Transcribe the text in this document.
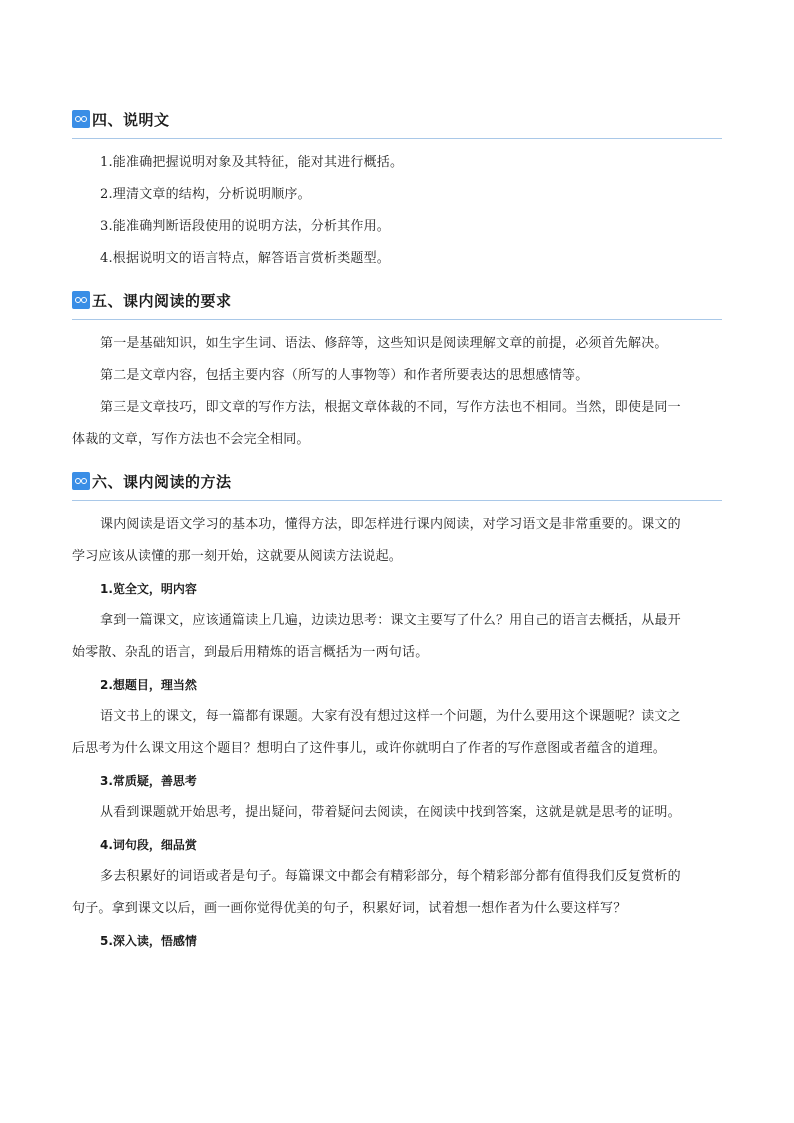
四、说明文
1.能准确把握说明对象及其特征，能对其进行概括。
2.理清文章的结构，分析说明顺序。
3.能准确判断语段使用的说明方法，分析其作用。
4.根据说明文的语言特点，解答语言赏析类题型。
五、课内阅读的要求
第一是基础知识，如生字生词、语法、修辞等，这些知识是阅读理解文章的前提，必须首先解决。
第二是文章内容，包括主要内容（所写的人事物等）和作者所要表达的思想感情等。
第三是文章技巧，即文章的写作方法，根据文章体裁的不同，写作方法也不相同。当然，即使是同一
体裁的文章，写作方法也不会完全相同。
六、课内阅读的方法
课内阅读是语文学习的基本功，懂得方法，即怎样进行课内阅读，对学习语文是非常重要的。课文的
学习应该从读懂的那一刻开始，这就要从阅读方法说起。
1.览全文，明内容
拿到一篇课文，应该通篇读上几遍，边读边思考：课文主要写了什么？用自己的语言去概括，从最开
始零散、杂乱的语言，到最后用精炼的语言概括为一两句话。
2.想题目，理当然
语文书上的课文，每一篇都有课题。大家有没有想过这样一个问题，为什么要用这个课题呢？读文之
后思考为什么课文用这个题目？想明白了这件事儿，或许你就明白了作者的写作意图或者蕴含的道理。
3.常质疑，善思考
从看到课题就开始思考，提出疑问，带着疑问去阅读，在阅读中找到答案，这就是就是思考的证明。
4.词句段，细品赏
多去积累好的词语或者是句子。每篇课文中都会有精彩部分，每个精彩部分都有值得我们反复赏析的
句子。拿到课文以后，画一画你觉得优美的句子，积累好词，试着想一想作者为什么要这样写？
5.深入读，悟感情
